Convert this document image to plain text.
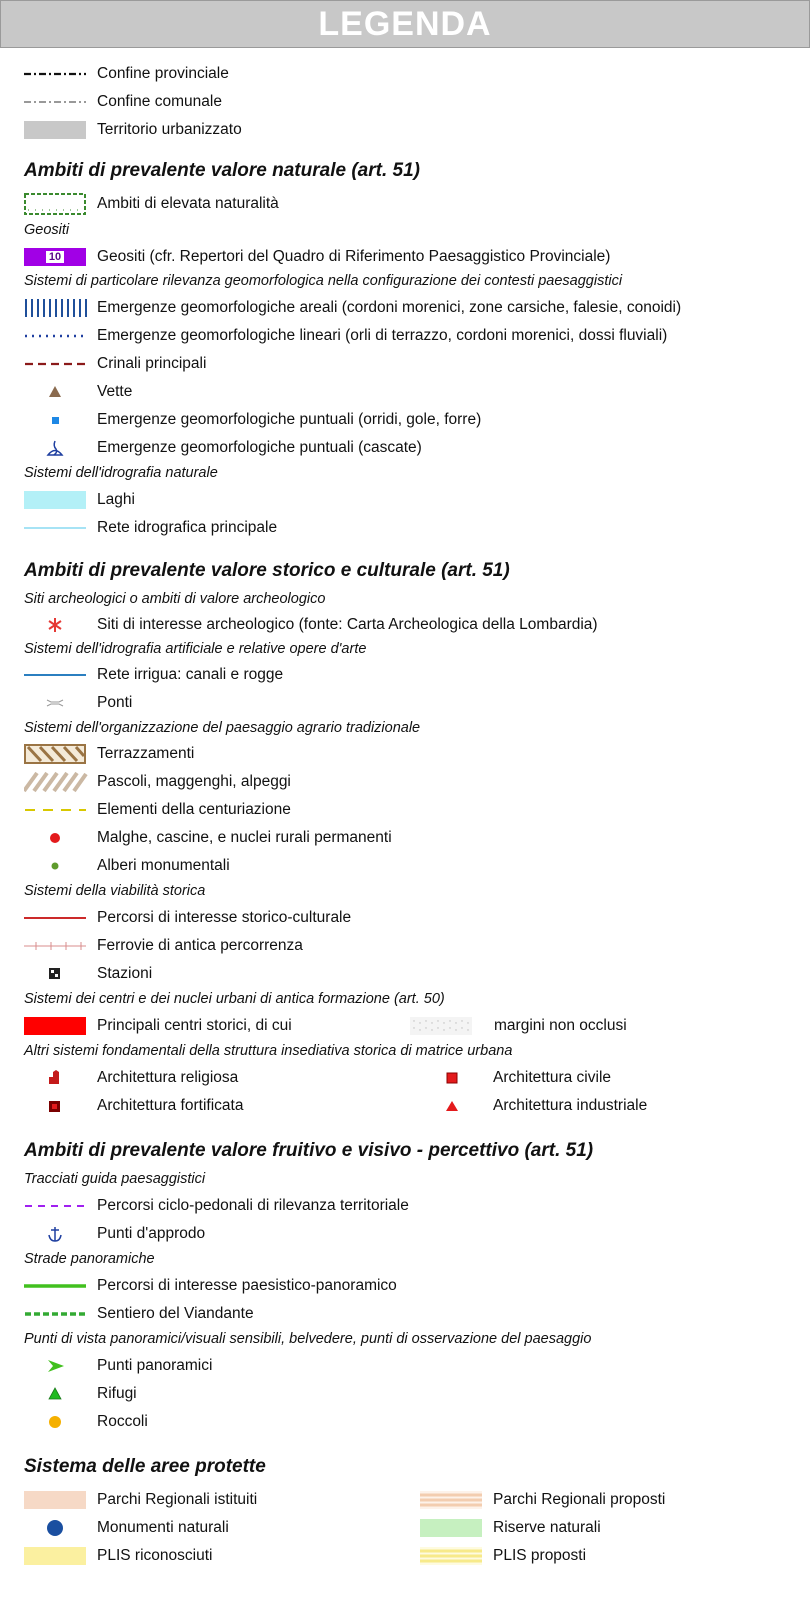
LEGENDA
Confine provinciale
Confine comunale
Territorio urbanizzato
Ambiti di prevalente valore naturale (art. 51)
Ambiti di elevata naturalità
Geositi
10 Geositi (cfr. Repertori del Quadro di Riferimento Paesaggistico Provinciale)
Sistemi di particolare rilevanza geomorfologica nella configurazione dei contesti paesaggistici
Emergenze geomorfologiche areali (cordoni morenici, zone carsiche, falesie, conoidi)
Emergenze geomorfologiche lineari (orli di terrazzo, cordoni morenici, dossi fluviali)
Crinali principali
Vette
Emergenze geomorfologiche puntuali (orridi, gole, forre)
Emergenze geomorfologiche puntuali (cascate)
Sistemi dell'idrografia naturale
Laghi
Rete idrografica principale
Ambiti di prevalente valore storico e culturale (art. 51)
Siti archeologici o ambiti di valore archeologico
Siti di interesse archeologico (fonte: Carta Archeologica della Lombardia)
Sistemi dell'idrografia artificiale e relative opere d'arte
Rete irrigua: canali e rogge
Ponti
Sistemi dell'organizzazione del paesaggio agrario tradizionale
Terrazzamenti
Pascoli, maggenghi, alpeggi
Elementi della centuriazione
Malghe, cascine, e nuclei rurali permanenti
Alberi monumentali
Sistemi della viabilità storica
Percorsi di interesse storico-culturale
Ferrovie di antica percorrenza
Stazioni
Sistemi dei centri e dei nuclei urbani di antica formazione (art. 50)
Principali centri storici, di cui	margini non occlusi
Altri sistemi fondamentali della struttura insediativa storica di matrice urbana
Architettura religiosa	Architettura civile
Architettura fortificata	Architettura industriale
Ambiti di prevalente valore fruitivo e visivo - percettivo (art. 51)
Tracciati guida paesaggistici
Percorsi ciclo-pedonali di rilevanza territoriale
Punti d'approdo
Strade panoramiche
Percorsi di interesse paesistico-panoramico
Sentiero del Viandante
Punti di vista panoramici/visuali sensibili, belvedere, punti di osservazione del paesaggio
Punti panoramici
Rifugi
Roccoli
Sistema delle aree protette
Parchi Regionali istituiti	Parchi Regionali proposti
Monumenti naturali	Riserve naturali
PLIS riconosciuti	PLIS proposti
